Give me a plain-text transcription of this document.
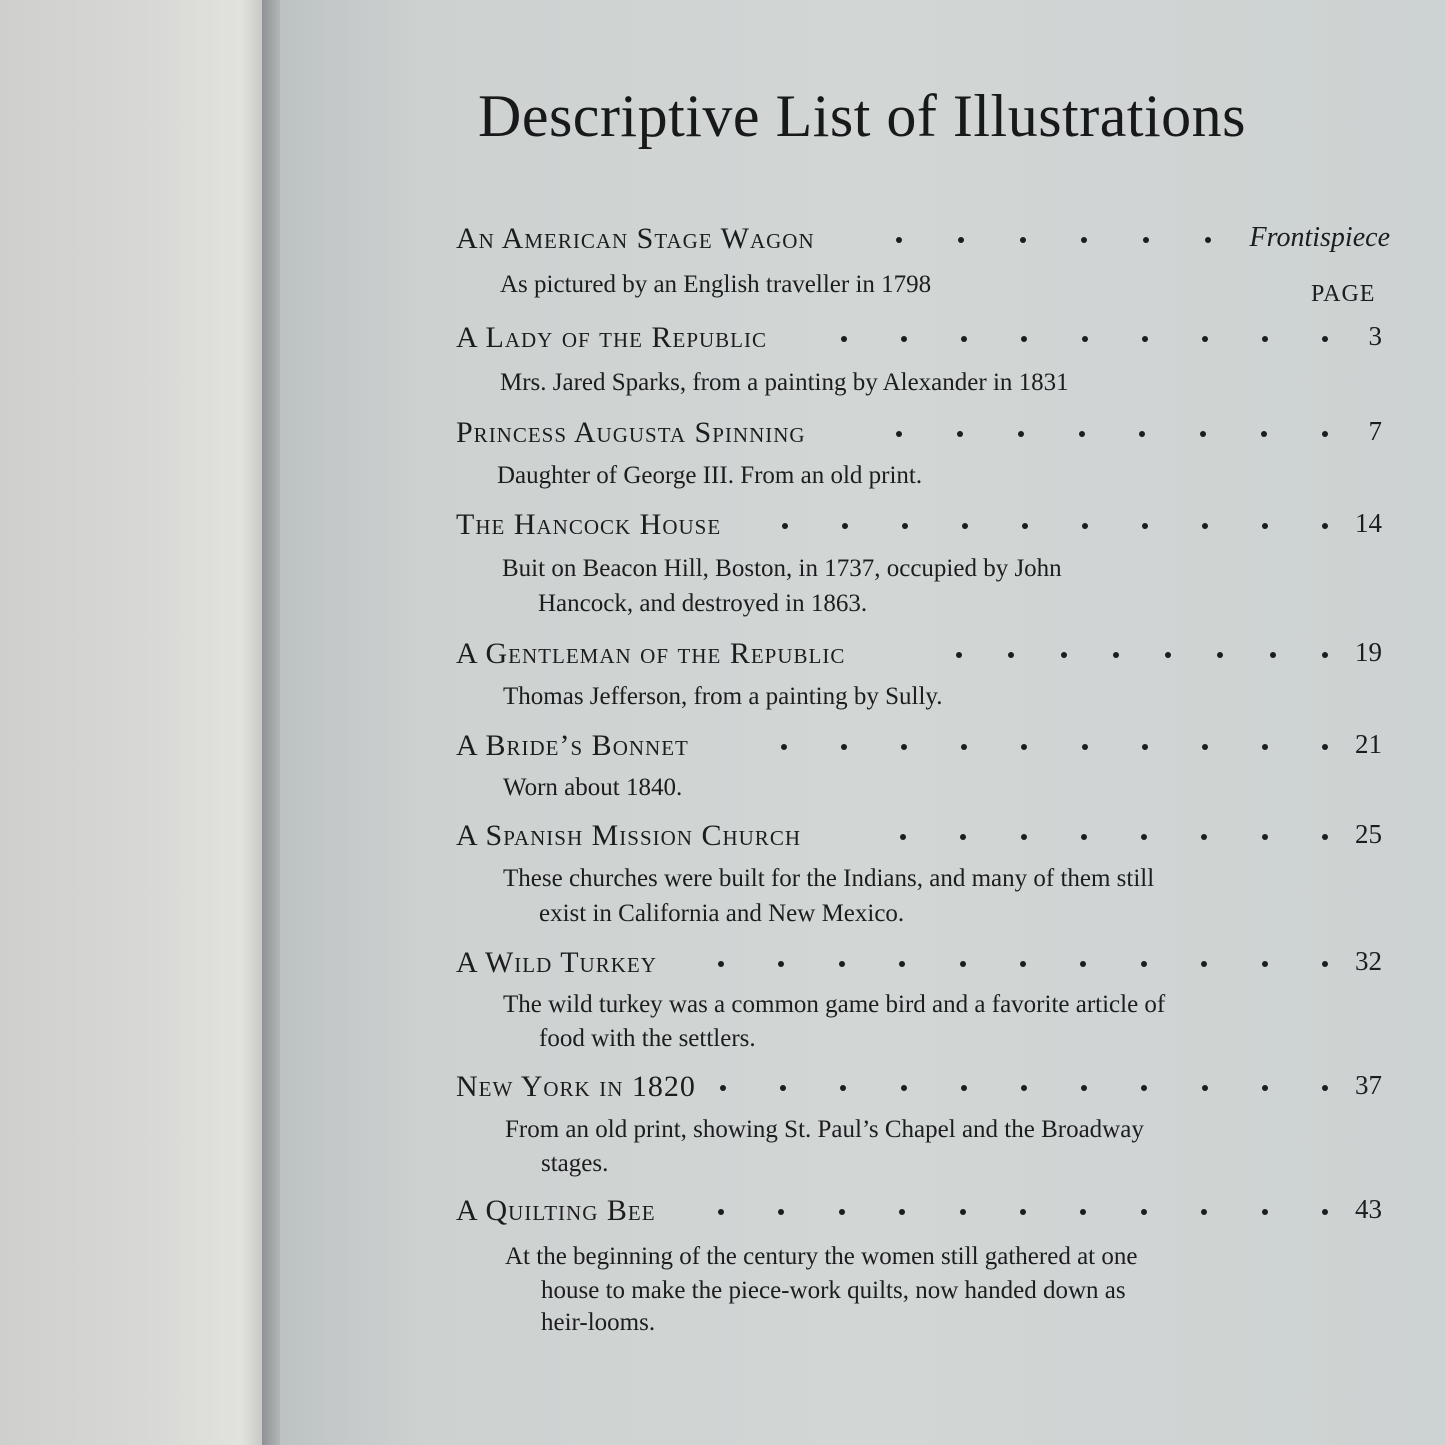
Descriptive List of Illustrations
PAGE
An American Stage Wagon	Frontispiece
As pictured by an English traveller in 1798
A Lady of the Republic	3
Mrs. Jared Sparks, from a painting by Alexander in 1831
Princess Augusta Spinning	7
Daughter of George III. From an old print.
The Hancock House	14
Buit on Beacon Hill, Boston, in 1737, occupied by John
Hancock, and destroyed in 1863.
A Gentleman of the Republic	19
Thomas Jefferson, from a painting by Sully.
A Bride’s Bonnet	21
Worn about 1840.
A Spanish Mission Church	25
These churches were built for the Indians, and many of them still
exist in California and New Mexico.
A Wild Turkey	32
The wild turkey was a common game bird and a favorite article of
food with the settlers.
New York in 1820	37
From an old print, showing St. Paul’s Chapel and the Broadway
stages.
A Quilting Bee	43
At the beginning of the century the women still gathered at one
house to make the piece-work quilts, now handed down as
heir-looms.
